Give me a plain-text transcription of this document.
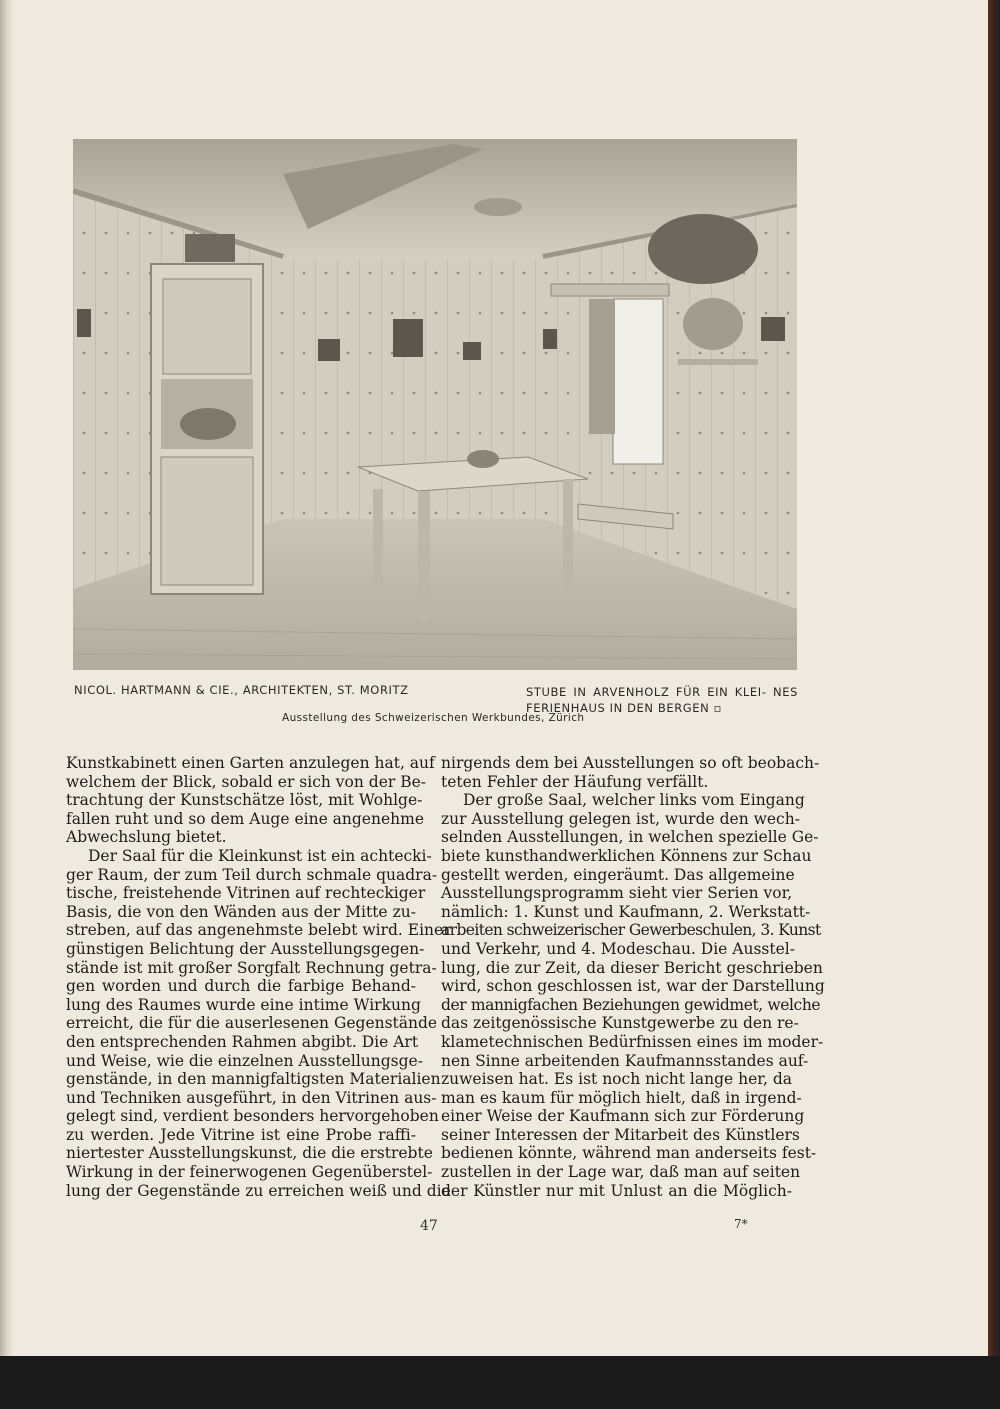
NICOL. HARTMANN & CIE., ARCHITEKTEN, ST. MORITZ	STUBE IN ARVENHOLZ FÜR EIN KLEI- NES FERIENHAUS IN DEN BERGEN ▫
Ausstellung des Schweizerischen Werkbundes, Zürich
Kunstkabinett einen Garten anzulegen hat, auf
welchem der Blick, sobald er sich von der Be-
trachtung der Kunstschätze löst, mit Wohlge-
fallen ruht und so dem Auge eine angenehme
Abwechslung bietet.
Der Saal für die Kleinkunst ist ein achtecki-
ger Raum, der zum Teil durch schmale quadra-
tische, freistehende Vitrinen auf rechteckiger
Basis, die von den Wänden aus der Mitte zu-
streben, auf das angenehmste belebt wird. Einer
günstigen Belichtung der Ausstellungsgegen-
stände ist mit großer Sorgfalt Rechnung getra-
gen worden und durch die farbige Behand-
lung des Raumes wurde eine intime Wirkung
erreicht, die für die auserlesenen Gegenstände
den entsprechenden Rahmen abgibt. Die Art
und Weise, wie die einzelnen Ausstellungsge-
genstände, in den mannigfaltigsten Materialien
und Techniken ausgeführt, in den Vitrinen aus-
gelegt sind, verdient besonders hervorgehoben
zu werden. Jede Vitrine ist eine Probe raffi-
niertester Ausstellungskunst, die die erstrebte
Wirkung in der feinerwogenen Gegenüberstel-
lung der Gegenstände zu erreichen weiß und die
nirgends dem bei Ausstellungen so oft beobach-
teten Fehler der Häufung verfällt.
Der große Saal, welcher links vom Eingang
zur Ausstellung gelegen ist, wurde den wech-
selnden Ausstellungen, in welchen spezielle Ge-
biete kunsthandwerklichen Könnens zur Schau
gestellt werden, eingeräumt. Das allgemeine
Ausstellungsprogramm sieht vier Serien vor,
nämlich: 1. Kunst und Kaufmann, 2. Werkstatt-
arbeiten schweizerischer Gewerbeschulen, 3. Kunst
und Verkehr, und 4. Modeschau. Die Ausstel-
lung, die zur Zeit, da dieser Bericht geschrieben
wird, schon geschlossen ist, war der Darstellung
der mannigfachen Beziehungen gewidmet, welche
das zeitgenössische Kunstgewerbe zu den re-
klametechnischen Bedürfnissen eines im moder-
nen Sinne arbeitenden Kaufmannsstandes auf-
zuweisen hat. Es ist noch nicht lange her, da
man es kaum für möglich hielt, daß in irgend-
einer Weise der Kaufmann sich zur Förderung
seiner Interessen der Mitarbeit des Künstlers
bedienen könnte, während man anderseits fest-
zustellen in der Lage war, daß man auf seiten
der Künstler nur mit Unlust an die Möglich-
47	7*
